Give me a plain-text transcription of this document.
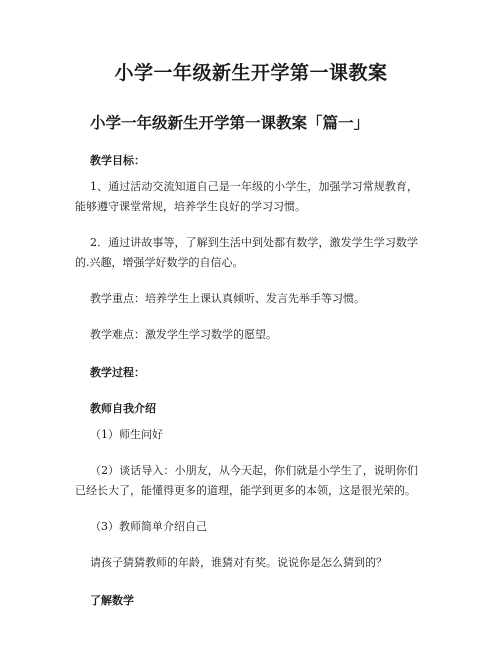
小学一年级新生开学第一课教案
小学一年级新生开学第一课教案「篇一」
教学目标：
1、通过活动交流知道自己是一年级的小学生，加强学习常规教育，能够遵守课堂常规，培养学生良好的学习习惯。
2．通过讲故事等，了解到生活中到处都有数学，激发学生学习数学的.兴趣，增强学好数学的自信心。
教学重点：培养学生上课认真倾听、发言先举手等习惯。
教学难点：激发学生学习数学的愿望。
教学过程：
教师自我介绍
（1）师生问好
（2）谈话导入：小朋友，从今天起，你们就是小学生了，说明你们已经长大了，能懂得更多的道理，能学到更多的本领，这是很光荣的。
（3）教师简单介绍自己
请孩子猜猜教师的年龄，谁猜对有奖。说说你是怎么猜到的？
了解数学
